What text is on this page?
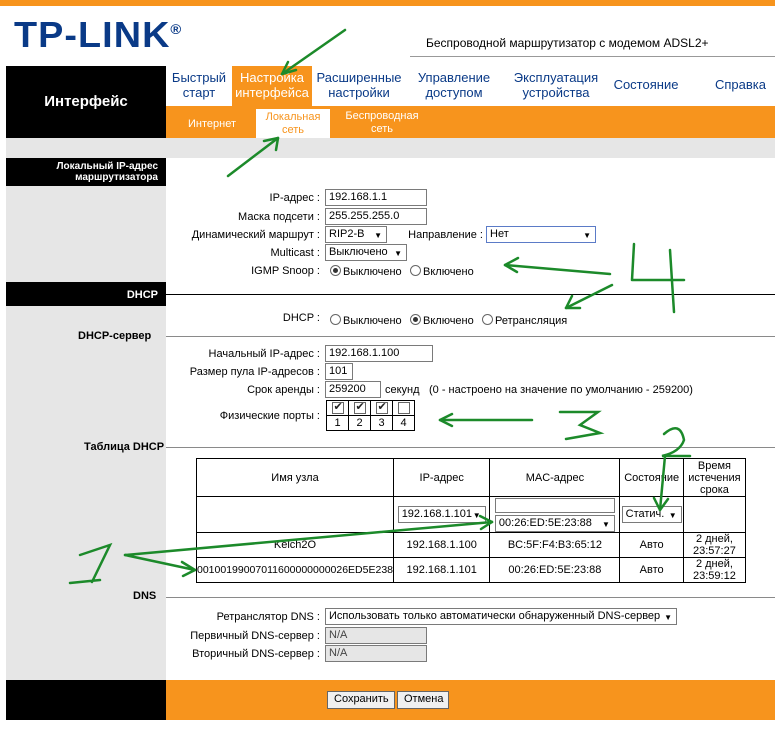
TP-LINK®
Беспроводной маршрутизатор с модемом ADSL2+
Интерфейс
Быстрый
старт
Настройка
интерфейса
Расширенные
настройки
Управление
доступом
Эксплуатация
устройства
Состояние	Справка
Интернет
Локальная
сеть
Беспроводная
сеть
Локальный IP-адрес маршрутизатора
IP-адрес : 192.168.1.1
Маска подсети : 255.255.255.0
Динамический маршрут : RIP2-B ▼	Направление : Нет ▼
Multicast : Выключено ▼
IGMP Snoop :	Выключено	Включено
DHCP
DHCP :	Выключено	Включено	Ретрансляция
DHCP-сервер
Начальный IP-адрес : 192.168.1.100
Размер пула IP-адресов : 101
Срок аренды : 259200	секунд (0 - настроено на значение по умолчанию - 259200)
Физические порты :
✔	✔	✔	
1	2	3	4
Таблица DHCP
Имя узла	IP-адрес	MAC-адрес	Состояние	Время
истечения
срока

	192.168.1.101 ▼	00:26:ED:5E:23:88 ▼	Статич. ▼

Kelch2O	192.168.1.100	BC:5F:F4:B3:65:12	Авто	2 дней,
23:57:27

00100199007011600000000026ED5E238	192.168.1.101	00:26:ED:5E:23:88	Авто	2 дней,
23:59:12
DNS
Ретранслятор DNS : Использовать только автоматически обнаруженный DNS-сервер ▼
Первичный DNS-сервер : N/A
Вторичный DNS-сервер : N/A
Сохранить	Отмена
